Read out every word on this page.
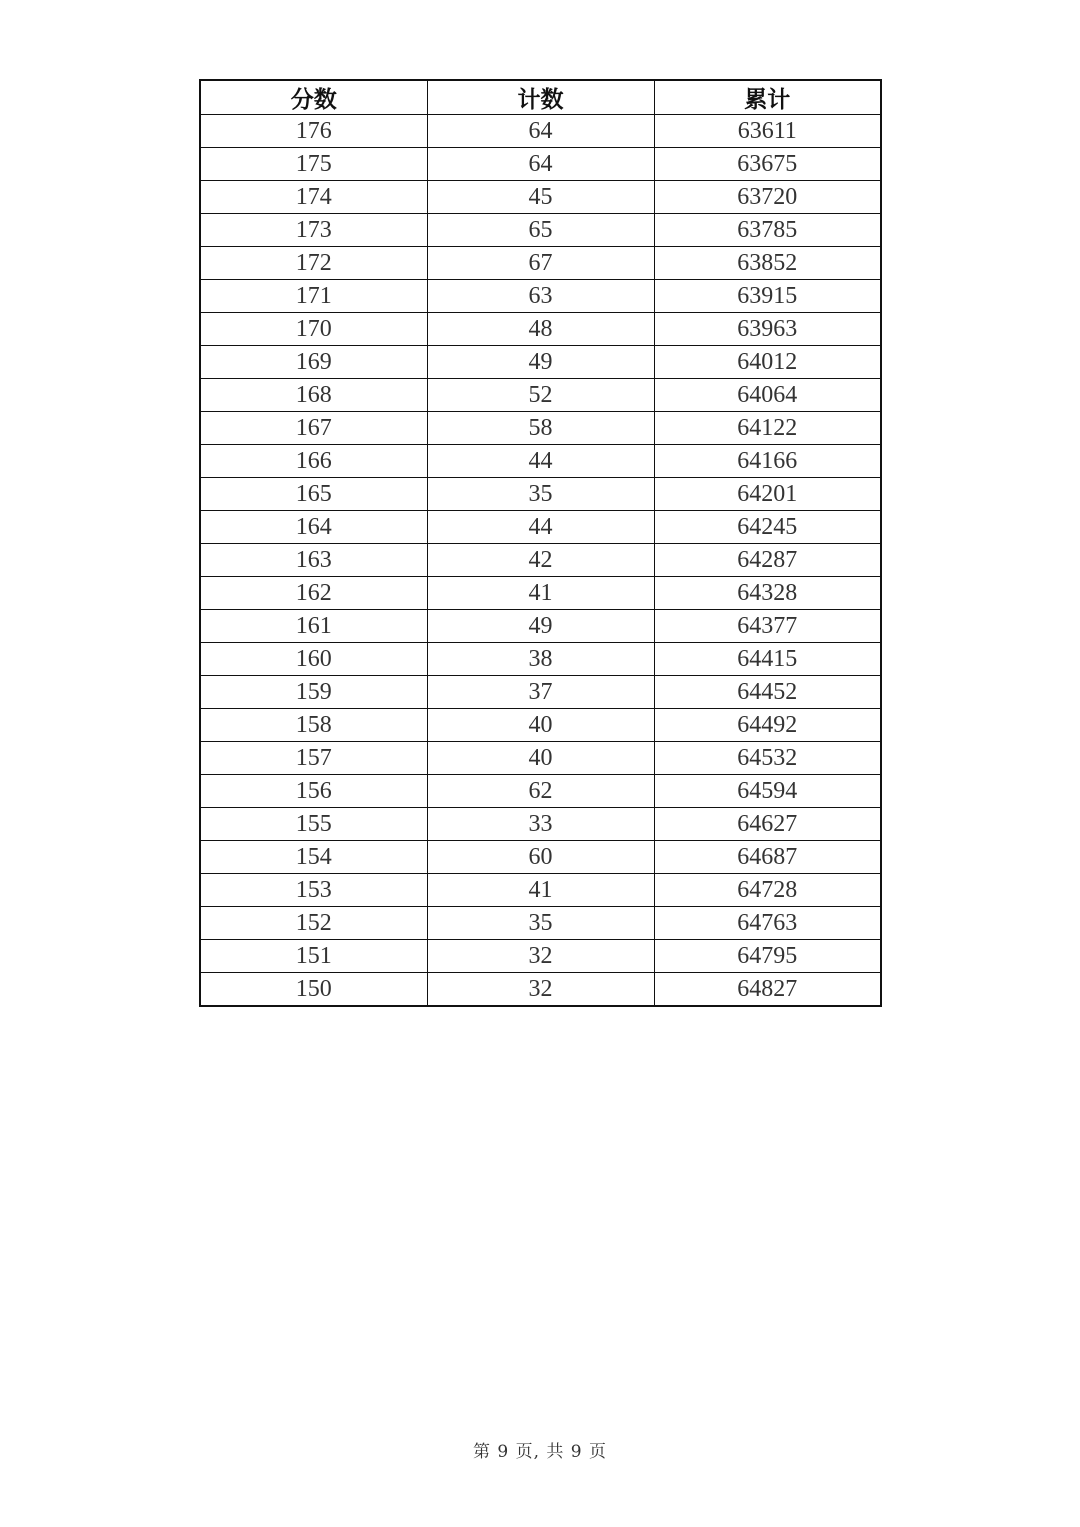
分数	计数	累计
176	64	63611
175	64	63675
174	45	63720
173	65	63785
172	67	63852
171	63	63915
170	48	63963
169	49	64012
168	52	64064
167	58	64122
166	44	64166
165	35	64201
164	44	64245
163	42	64287
162	41	64328
161	49	64377
160	38	64415
159	37	64452
158	40	64492
157	40	64532
156	62	64594
155	33	64627
154	60	64687
153	41	64728
152	35	64763
151	32	64795
150	32	64827
第 9 页, 共 9 页
